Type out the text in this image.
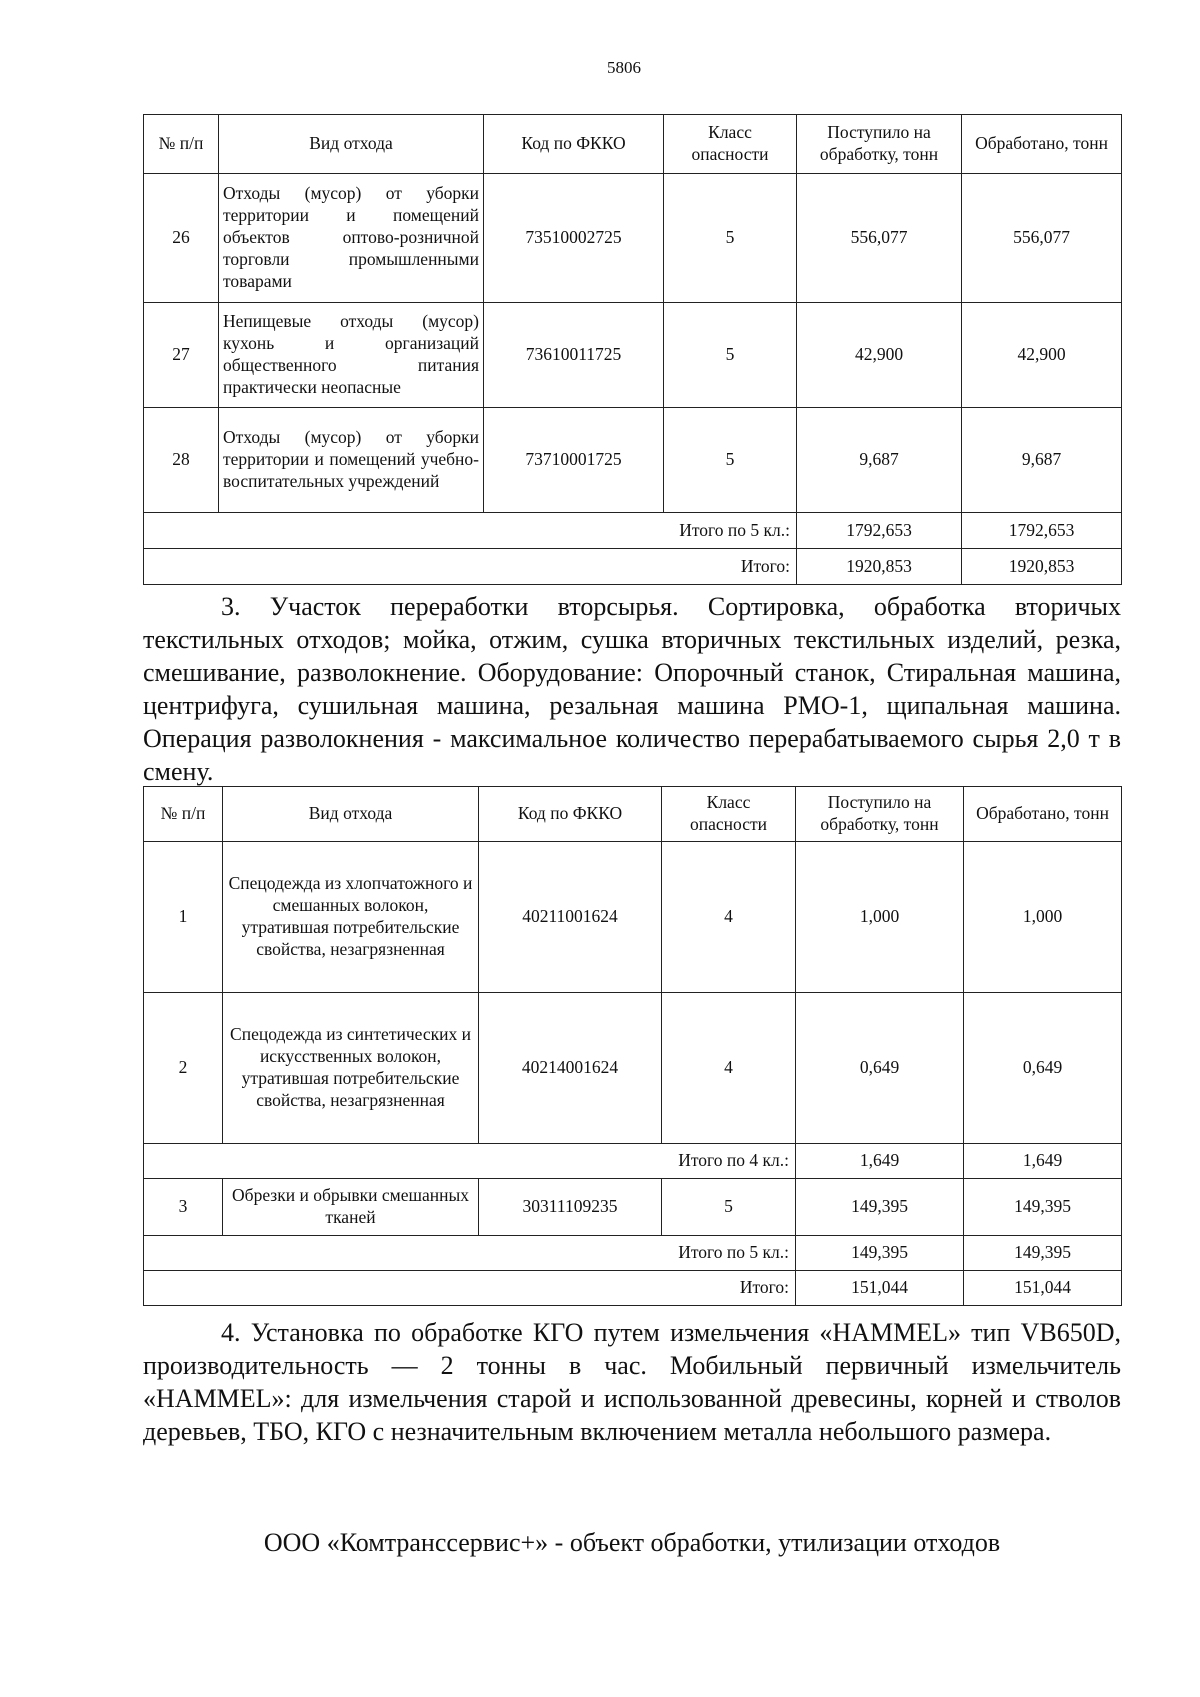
5806
№ п/п	Вид отхода	Код по ФККО	Класс опасности	Поступило на обработку, тонн	Обработано, тонн
26	Отходы (мусор) от уборки территории и помещений объектов оптово-розничной торговли промышленными товарами	73510002725	5	556,077	556,077
27	Непищевые отходы (мусор) кухонь и организаций общественного питания практически неопасные	73610011725	5	42,900	42,900
28	Отходы (мусор) от уборки территории и помещений учебно-воспитательных учреждений	73710001725	5	9,687	9,687
Итого по 5 кл.:				1792,653	1792,653
Итого:				1920,853	1920,853

3. Участок переработки вторсырья. Сортировка, обработка вторичых текстильных отходов; мойка, отжим, сушка вторичных текстильных изделий, резка, смешивание, разволокнение. Оборудование: Опорочный станок, Стиральная машина, центрифуга, сушильная машина, резальная машина РМО-1, щипальная машина. Операция разволокнения - максимальное количество перерабатываемого сырья 2,0 т в смену.

№ п/п	Вид отхода	Код по ФККО	Класс опасности	Поступило на обработку, тонн	Обработано, тонн
1	Спецодежда из хлопчатожного и смешанных волокон, утратившая потребительские свойства, незагрязненная	40211001624	4	1,000	1,000
2	Спецодежда из синтетических и искусственных волокон, утратившая потребительские свойства, незагрязненная	40214001624	4	0,649	0,649
Итого по 4 кл.:				1,649	1,649
3	Обрезки и обрывки смешанных тканей	30311109235	5	149,395	149,395
Итого по 5 кл.:				149,395	149,395
Итого:				151,044	151,044

4. Установка по обработке КГО путем измельчения «HAMMEL» тип VB650D, производительность — 2 тонны в час. Мобильный первичный измельчитель «HAMMEL»: для измельчения старой и использованной древесины, корней и стволов деревьев, ТБО, КГО с незначительным включением металла небольшого размера.

ООО «Комтранссервис+» - объект обработки, утилизации отходов
